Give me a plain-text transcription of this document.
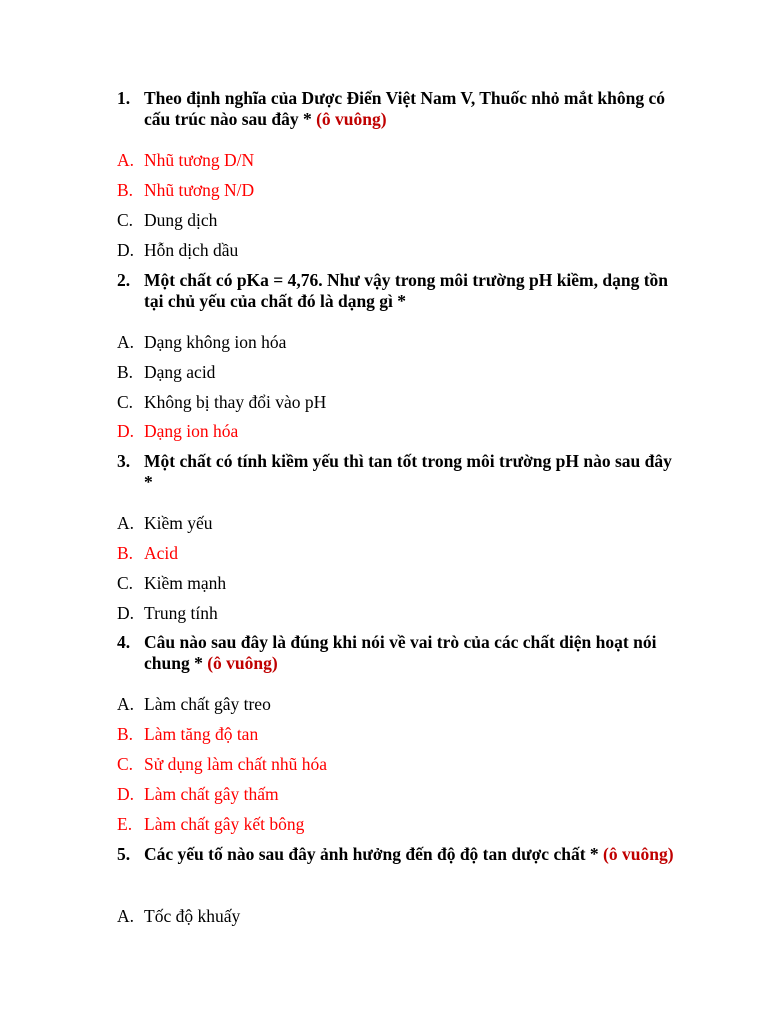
1. Theo định nghĩa của Dược Điển Việt Nam V, Thuốc nhỏ mắt không có cấu trúc nào sau đây * (ô vuông)
A. Nhũ tương D/N
B. Nhũ tương N/D
C. Dung dịch
D. Hỗn dịch dầu
2. Một chất có pKa = 4,76. Như vậy trong môi trường pH kiềm, dạng tồn tại chủ yếu của chất đó là dạng gì *
A. Dạng không ion hóa
B. Dạng acid
C. Không bị thay đổi vào pH
D. Dạng ion hóa
3. Một chất có tính kiềm yếu thì tan tốt trong môi trường pH nào sau đây *
A. Kiềm yếu
B. Acid
C. Kiềm mạnh
D. Trung tính
4. Câu nào sau đây là đúng khi nói về vai trò của các chất diện hoạt nói chung * (ô vuông)
A. Làm chất gây treo
B. Làm tăng độ tan
C. Sử dụng làm chất nhũ hóa
D. Làm chất gây thấm
E. Làm chất gây kết bông
5. Các yếu tố nào sau đây ảnh hưởng đến độ độ tan dược chất * (ô vuông)
A. Tốc độ khuấy
